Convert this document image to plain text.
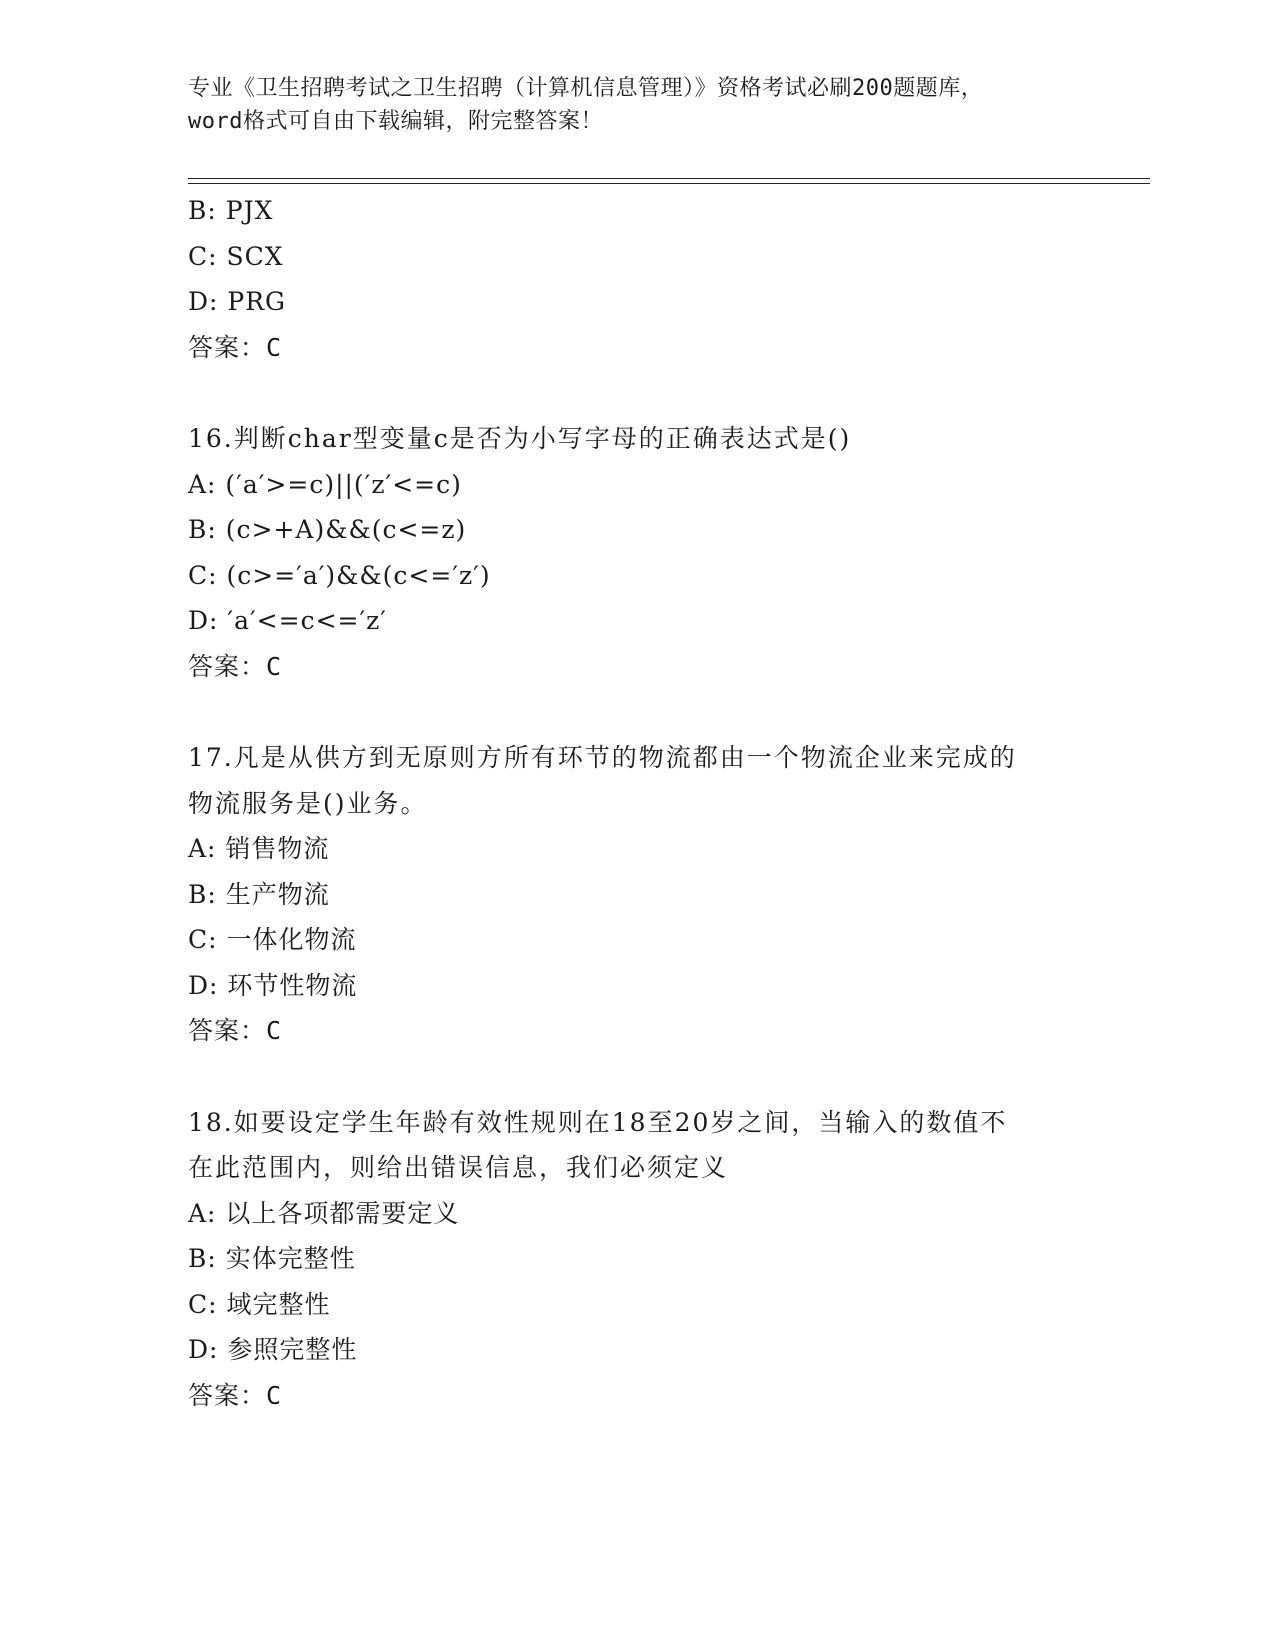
专业《卫生招聘考试之卫生招聘（计算机信息管理）》资格考试必刷200题题库，
word格式可自由下载编辑，附完整答案！
B: PJX
C: SCX
D: PRG
答案：C
16.判断char型变量c是否为小写字母的正确表达式是()
A: (′a′>=c)||(′z′<=c)
B: (c>+A)&&(c<=z)
C: (c>=′a′)&&(c<=′z′)
D: ′a′<=c<=′z′
答案：C
17.凡是从供方到无原则方所有环节的物流都由一个物流企业来完成的
物流服务是()业务。
A: 销售物流
B: 生产物流
C: 一体化物流
D: 环节性物流
答案：C
18.如要设定学生年龄有效性规则在18至20岁之间，当输入的数值不
在此范围内，则给出错误信息，我们必须定义
A: 以上各项都需要定义
B: 实体完整性
C: 域完整性
D: 参照完整性
答案：C
